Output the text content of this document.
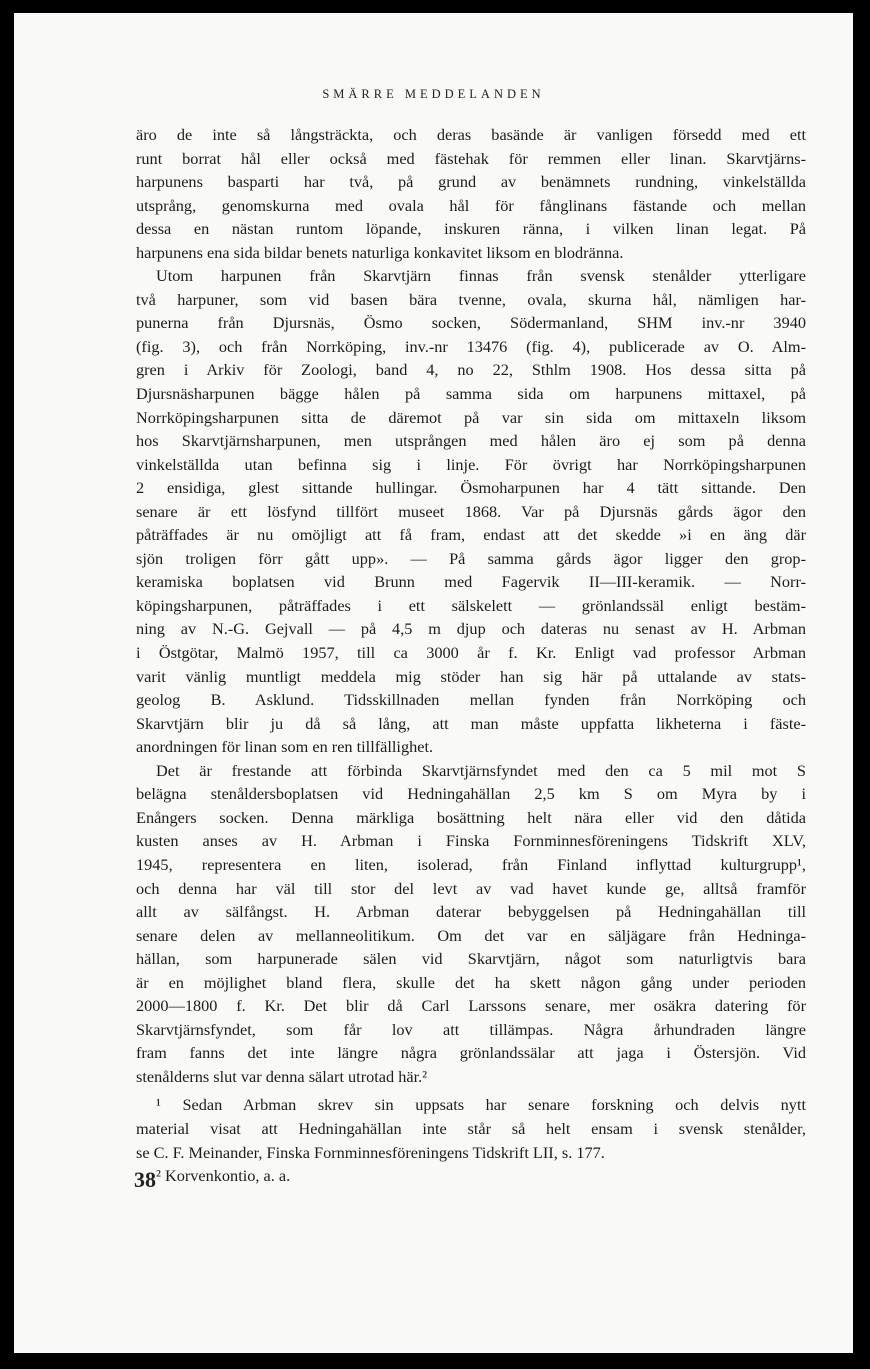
SMÄRRE MEDDELANDEN

äro de inte så långsträckta, och deras basände är vanligen försedd med ett
runt borrat hål eller också med fästehak för remmen eller linan. Skarvtjärns-
harpunens basparti har två, på grund av benämnets rundning, vinkelställda
utsprång, genomskurna med ovala hål för fånglinans fästande och mellan
dessa en nästan runtom löpande, inskuren ränna, i vilken linan legat. På
harpunens ena sida bildar benets naturliga konkavitet liksom en blodränna.

Utom harpunen från Skarvtjärn finnas från svensk stenålder ytterligare
två harpuner, som vid basen bära tvenne, ovala, skurna hål, nämligen har-
punerna från Djursnäs, Ösmo socken, Södermanland, SHM inv.-nr 3940
(fig. 3), och från Norrköping, inv.-nr 13476 (fig. 4), publicerade av O. Alm-
gren i Arkiv för Zoologi, band 4, no 22, Sthlm 1908. Hos dessa sitta på
Djursnäsharpunen bägge hålen på samma sida om harpunens mittaxel, på
Norrköpingsharpunen sitta de däremot på var sin sida om mittaxeln liksom
hos Skarvtjärnsharpunen, men utsprången med hålen äro ej som på denna
vinkelställda utan befinna sig i linje. För övrigt har Norrköpingsharpunen
2 ensidiga, glest sittande hullingar. Ösmoharpunen har 4 tätt sittande. Den
senare är ett lösfynd tillfört museet 1868. Var på Djursnäs gårds ägor den
påträffades är nu omöjligt att få fram, endast att det skedde »i en äng där
sjön troligen förr gått upp». — På samma gårds ägor ligger den grop-
keramiska boplatsen vid Brunn med Fagervik II—III-keramik. — Norr-
köpingsharpunen, påträffades i ett sälskelett — grönlandssäl enligt bestäm-
ning av N.-G. Gejvall — på 4,5 m djup och dateras nu senast av H. Arbman
i Östgötar, Malmö 1957, till ca 3000 år f. Kr. Enligt vad professor Arbman
varit vänlig muntligt meddela mig stöder han sig här på uttalande av stats-
geolog B. Asklund. Tidsskillnaden mellan fynden från Norrköping och
Skarvtjärn blir ju då så lång, att man måste uppfatta likheterna i fäste-
anordningen för linan som en ren tillfällighet.

Det är frestande att förbinda Skarvtjärnsfyndet med den ca 5 mil mot S
belägna stenåldersboplatsen vid Hedningahällan 2,5 km S om Myra by i
Enångers socken. Denna märkliga bosättning helt nära eller vid den dåtida
kusten anses av H. Arbman i Finska Fornminnesföreningens Tidskrift XLV,
1945, representera en liten, isolerad, från Finland inflyttad kulturgrupp¹,
och denna har väl till stor del levt av vad havet kunde ge, alltså framför
allt av sälfångst. H. Arbman daterar bebyggelsen på Hedningahällan till
senare delen av mellanneolitikum. Om det var en säljägare från Hedninga-
hällan, som harpunerade sälen vid Skarvtjärn, något som naturligtvis bara
är en möjlighet bland flera, skulle det ha skett någon gång under perioden
2000—1800 f. Kr. Det blir då Carl Larssons senare, mer osäkra datering för
Skarvtjärnsfyndet, som får lov att tillämpas. Några århundraden längre
fram fanns det inte längre några grönlandssälar att jaga i Östersjön. Vid
stenålderns slut var denna sälart utrotad här.²

¹ Sedan Arbman skrev sin uppsats har senare forskning och delvis nytt
material visat att Hedningahällan inte står så helt ensam i svensk stenålder,
se C. F. Meinander, Finska Fornminnesföreningens Tidskrift LII, s. 177.

² Korvenkontio, a. a.

38
